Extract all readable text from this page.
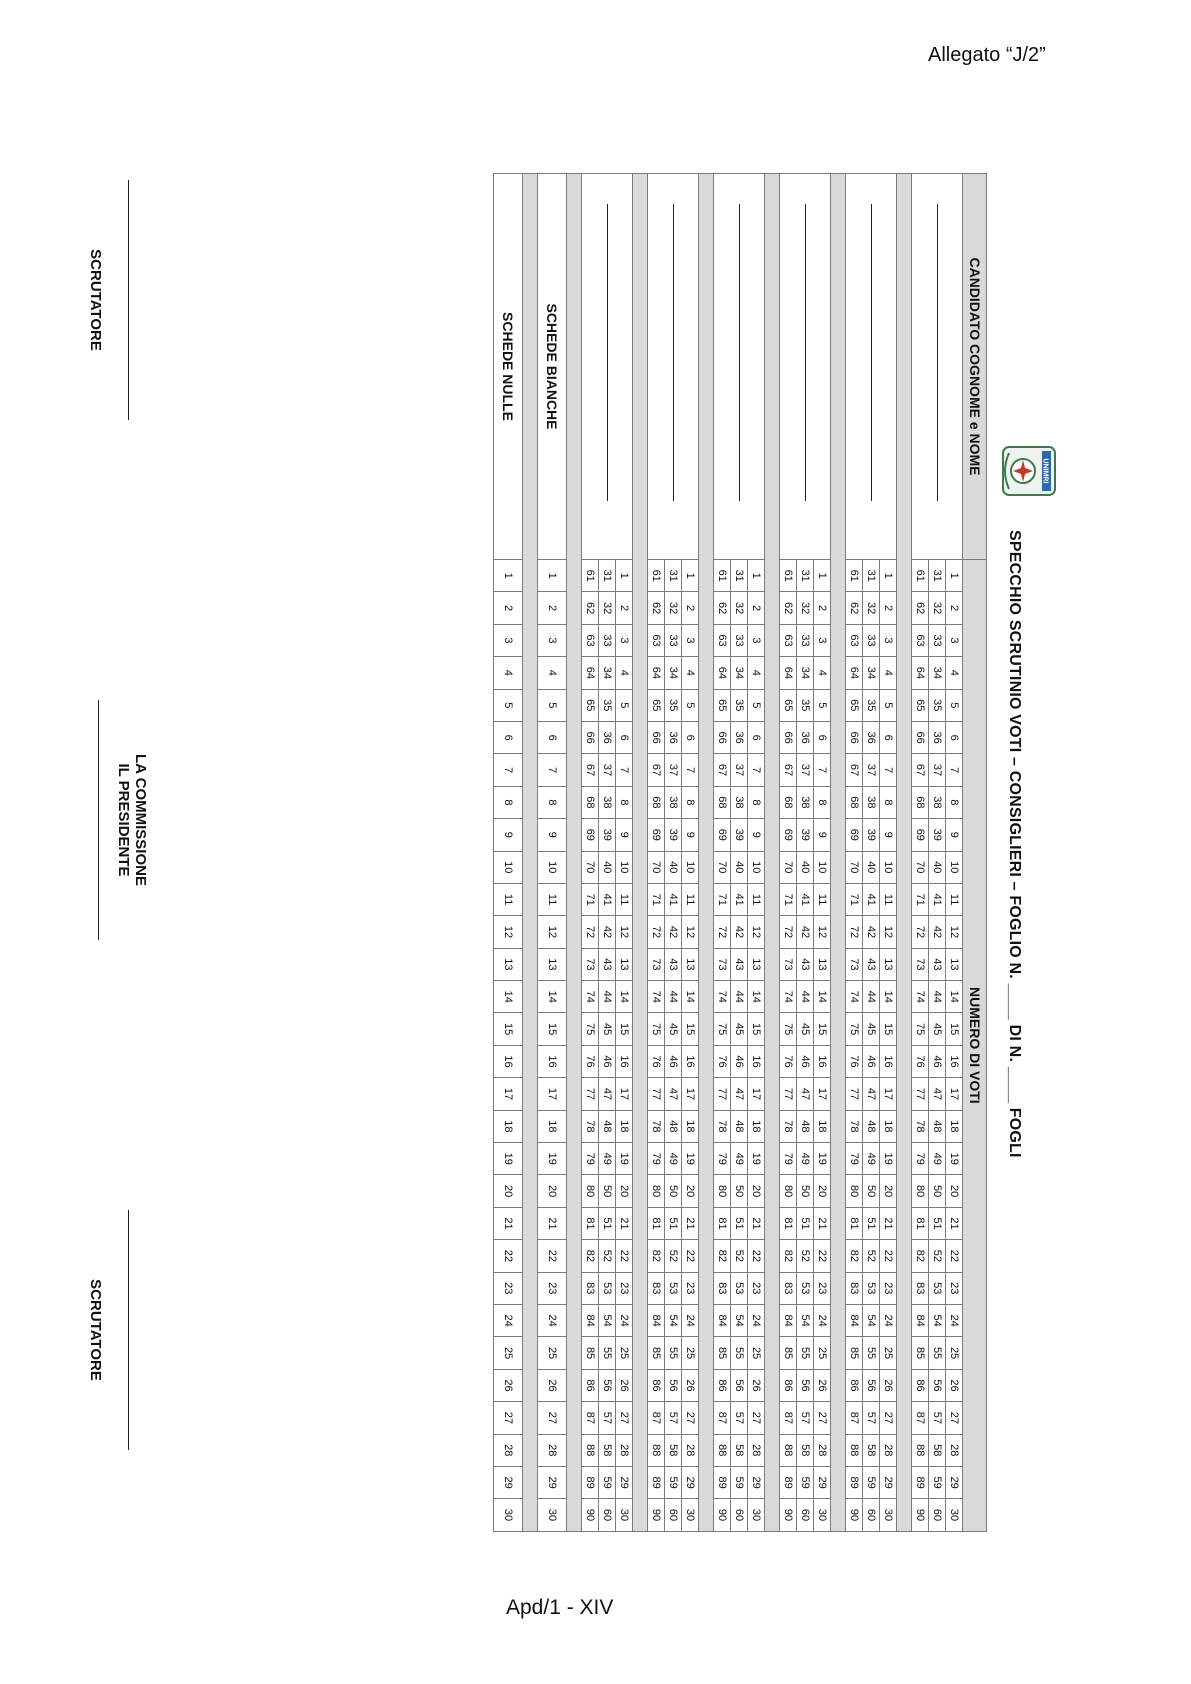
Allegato “J/2”
UNIMRI
SPECCHIO SCRUTINIO VOTI – CONSIGLIERI – FOGLIO N. ____ DI N. ____ FOGLI
CANDIDATO COGNOME e NOME	NUMERO DI VOTI																													

	1	2	3	4	5	6	7	8	9	10	11	12	13	14	15	16	17	18	19	20	21	22	23	24	25	26	27	28	29	30
	31	32	33	34	35	36	37	38	39	40	41	42	43	44	45	46	47	48	49	50	51	52	53	54	55	56	57	58	59	60
	61	62	63	64	65	66	67	68	69	70	71	72	73	74	75	76	77	78	79	80	81	82	83	84	85	86	87	88	89	90

	1	2	3	4	5	6	7	8	9	10	11	12	13	14	15	16	17	18	19	20	21	22	23	24	25	26	27	28	29	30
	31	32	33	34	35	36	37	38	39	40	41	42	43	44	45	46	47	48	49	50	51	52	53	54	55	56	57	58	59	60
	61	62	63	64	65	66	67	68	69	70	71	72	73	74	75	76	77	78	79	80	81	82	83	84	85	86	87	88	89	90

	1	2	3	4	5	6	7	8	9	10	11	12	13	14	15	16	17	18	19	20	21	22	23	24	25	26	27	28	29	30
	31	32	33	34	35	36	37	38	39	40	41	42	43	44	45	46	47	48	49	50	51	52	53	54	55	56	57	58	59	60
	61	62	63	64	65	66	67	68	69	70	71	72	73	74	75	76	77	78	79	80	81	82	83	84	85	86	87	88	89	90

	1	2	3	4	5	6	7	8	9	10	11	12	13	14	15	16	17	18	19	20	21	22	23	24	25	26	27	28	29	30
	31	32	33	34	35	36	37	38	39	40	41	42	43	44	45	46	47	48	49	50	51	52	53	54	55	56	57	58	59	60
	61	62	63	64	65	66	67	68	69	70	71	72	73	74	75	76	77	78	79	80	81	82	83	84	85	86	87	88	89	90

	1	2	3	4	5	6	7	8	9	10	11	12	13	14	15	16	17	18	19	20	21	22	23	24	25	26	27	28	29	30
	31	32	33	34	35	36	37	38	39	40	41	42	43	44	45	46	47	48	49	50	51	52	53	54	55	56	57	58	59	60
	61	62	63	64	65	66	67	68	69	70	71	72	73	74	75	76	77	78	79	80	81	82	83	84	85	86	87	88	89	90

	1	2	3	4	5	6	7	8	9	10	11	12	13	14	15	16	17	18	19	20	21	22	23	24	25	26	27	28	29	30
	31	32	33	34	35	36	37	38	39	40	41	42	43	44	45	46	47	48	49	50	51	52	53	54	55	56	57	58	59	60
	61	62	63	64	65	66	67	68	69	70	71	72	73	74	75	76	77	78	79	80	81	82	83	84	85	86	87	88	89	90

SCHEDE BIANCHE	1	2	3	4	5	6	7	8	9	10	11	12	13	14	15	16	17	18	19	20	21	22	23	24	25	26	27	28	29	30

SCHEDE NULLE	1	2	3	4	5	6	7	8	9	10	11	12	13	14	15	16	17	18	19	20	21	22	23	24	25	26	27	28	29	30
SCRUTATORE
LA COMMISSIONE
IL PRESIDENTE
SCRUTATORE
Apd/1 - XIV
